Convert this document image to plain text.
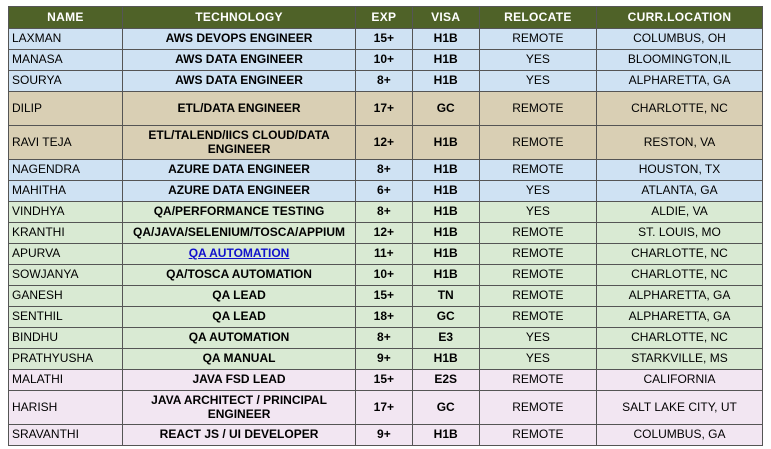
NAME	TECHNOLOGY	EXP	VISA	RELOCATE	CURR.LOCATION
LAXMAN	AWS DEVOPS ENGINEER	15+	H1B	REMOTE	COLUMBUS, OH
MANASA	AWS DATA ENGINEER	10+	H1B	YES	BLOOMINGTON,IL
SOURYA	AWS DATA ENGINEER	8+	H1B	YES	ALPHARETTA, GA
DILIP	ETL/DATA ENGINEER	17+	GC	REMOTE	CHARLOTTE, NC
RAVI TEJA	ETL/TALEND/IICS CLOUD/DATA ENGINEER	12+	H1B	REMOTE	RESTON, VA
NAGENDRA	AZURE DATA ENGINEER	8+	H1B	REMOTE	HOUSTON, TX
MAHITHA	AZURE DATA ENGINEER	6+	H1B	YES	ATLANTA, GA
VINDHYA	QA/PERFORMANCE TESTING	8+	H1B	YES	ALDIE, VA
KRANTHI	QA/JAVA/SELENIUM/TOSCA/APPIUM	12+	H1B	REMOTE	ST. LOUIS, MO
APURVA	QA AUTOMATION	11+	H1B	REMOTE	CHARLOTTE, NC
SOWJANYA	QA/TOSCA AUTOMATION	10+	H1B	REMOTE	CHARLOTTE, NC
GANESH	QA LEAD	15+	TN	REMOTE	ALPHARETTA, GA
SENTHIL	QA LEAD	18+	GC	REMOTE	ALPHARETTA, GA
BINDHU	QA AUTOMATION	8+	E3	YES	CHARLOTTE, NC
PRATHYUSHA	QA MANUAL	9+	H1B	YES	STARKVILLE, MS
MALATHI	JAVA FSD LEAD	15+	E2S	REMOTE	CALIFORNIA
HARISH	JAVA ARCHITECT / PRINCIPAL ENGINEER	17+	GC	REMOTE	SALT LAKE CITY, UT
SRAVANTHI	REACT JS / UI DEVELOPER	9+	H1B	REMOTE	COLUMBUS, GA
